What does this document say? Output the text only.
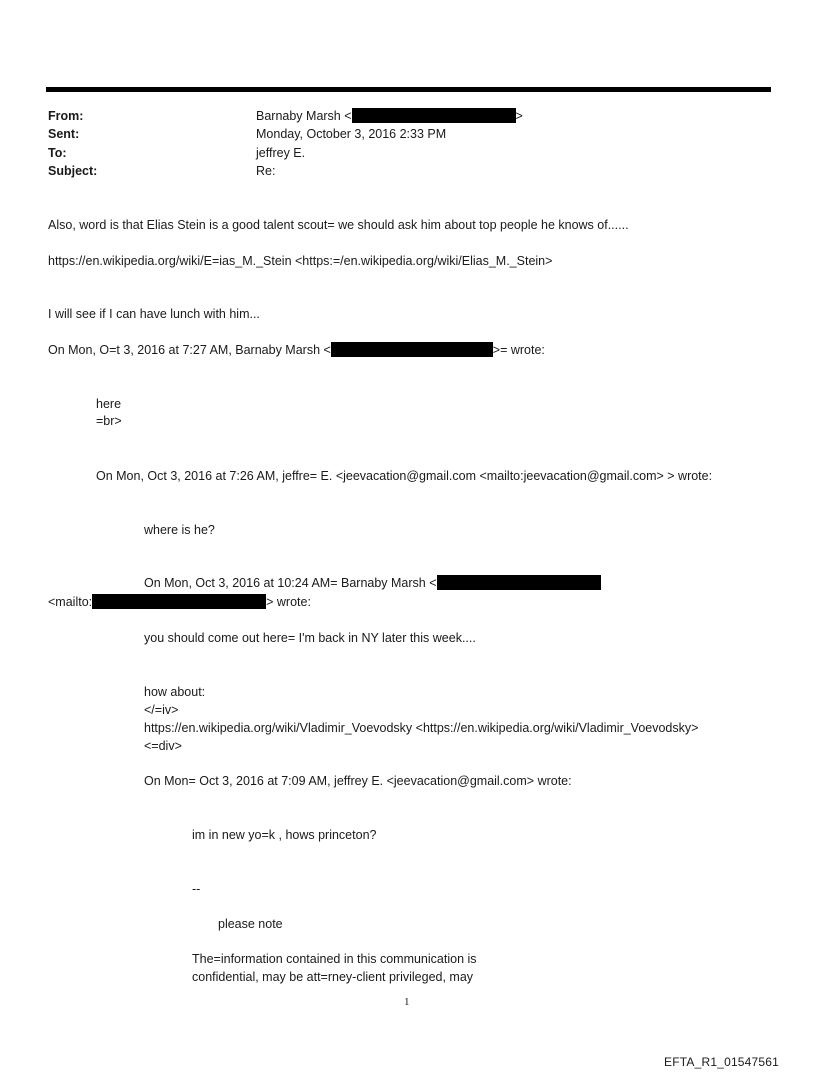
From:	Barnaby Marsh <	>
Sent:	Monday, October 3, 2016 2:33 PM
To:	jeffrey E.
Subject:	Re:
Also, word is that Elias Stein is a good talent scout= we should ask him about top people he knows of......
https://en.wikipedia.org/wiki/E=ias_M._Stein <https:=/en.wikipedia.org/wiki/Elias_M._Stein>
I will see if I can have lunch with him...
On Mon, O=t 3, 2016 at 7:27 AM, Barnaby Marsh <	>= wrote:
here
=br>
On Mon, Oct 3, 2016 at 7:26 AM, jeffre= E. <jeevacation@gmail.com <mailto:jeevacation@gmail.com> > wrote:
where is he?
On Mon, Oct 3, 2016 at 10:24 AM= Barnaby Marsh <
<mailto:	> wrote:
you should come out here= I'm back in NY later this week....
how about:
</=iv>
https://en.wikipedia.org/wiki/Vladimir_Voevodsky <https://en.wikipedia.org/wiki/Vladimir_Voevodsky>
<=div>
On Mon= Oct 3, 2016 at 7:09 AM, jeffrey E. <jeevacation@gmail.com> wrote:
im in new yo=k , hows princeton?
--
please note
The=information contained in this communication is
confidential, may be att=rney-client privileged, may
1
EFTA_R1_01547561
